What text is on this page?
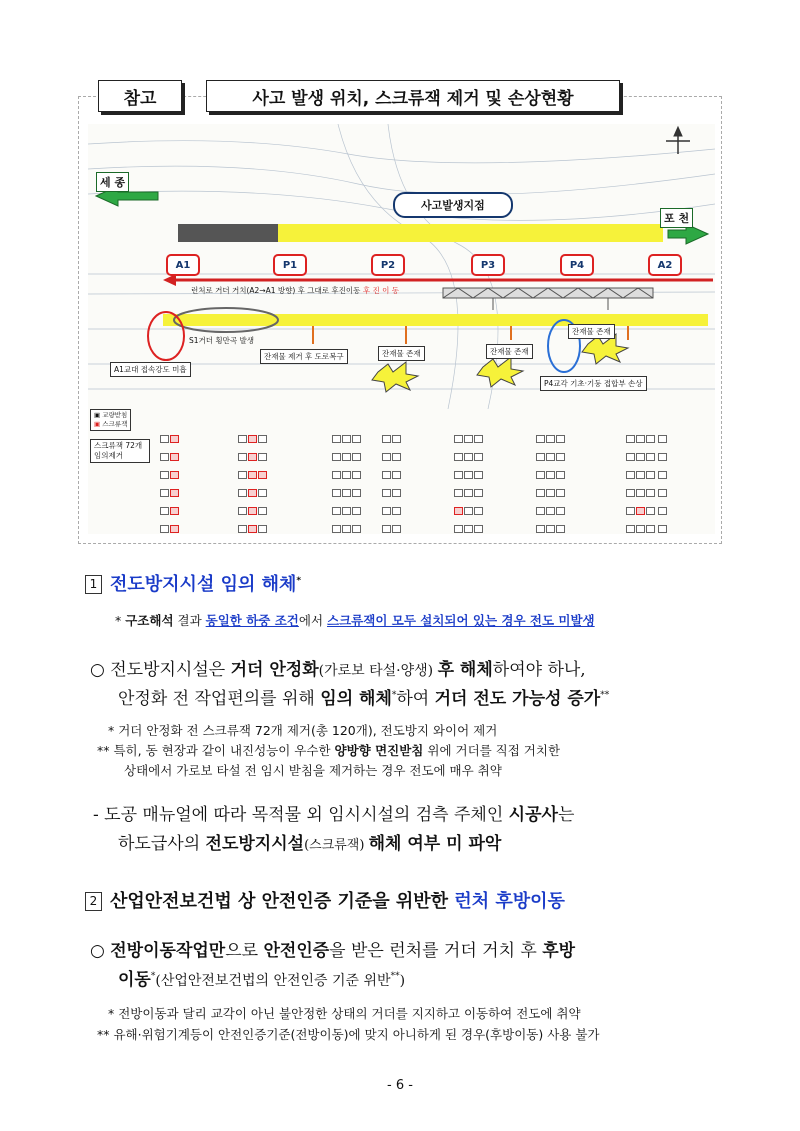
참고	사고 발생 위치, 스크류잭 제거 및 손상현황
세 종
포 천
사고발생지점
A1	P1	P2	P3	P4	A2
런처로 거더 거치(A2→A1 방향) 후 그대로 후진이동 후 진 이 동
S1거더 횡만곡 발생
A1교대 접속강도 미흡
잔재물 제거 후 도로복구	잔재물 존재	잔재물 존재
잔재물 존재
P4교각 기초·기둥 접합부 손상
▣ 교량받침
▣ 스크류잭
스크류잭 72개 임의제거
1 전도방지시설 임의 해체*
* 구조해석 결과 동일한 하중 조건에서 스크류잭이 모두 설치되어 있는 경우 전도 미발생
○ 전도방지시설은 거더 안정화(가로보 타설·양생) 후 해체하여야 하나,
안정화 전 작업편의를 위해 임의 해체*하여 거더 전도 가능성 증가**
* 거더 안정화 전 스크류잭 72개 제거(총 120개), 전도방지 와이어 제거
** 특히, 동 현장과 같이 내진성능이 우수한 양방향 면진받침 위에 거더를 직접 거치한
상태에서 가로보 타설 전 임시 받침을 제거하는 경우 전도에 매우 취약
- 도공 매뉴얼에 따라 목적물 외 임시시설의 검측 주체인 시공사는
하도급사의 전도방지시설(스크류잭) 해체 여부 미 파악
2 산업안전보건법 상 안전인증 기준을 위반한 런처 후방이동
○ 전방이동작업만으로 안전인증을 받은 런처를 거더 거치 후 후방
이동*(산업안전보건법의 안전인증 기준 위반**)
* 전방이동과 달리 교각이 아닌 불안정한 상태의 거더를 지지하고 이동하여 전도에 취약
** 유해·위험기계등이 안전인증기준(전방이동)에 맞지 아니하게 된 경우(후방이동) 사용 불가
- 6 -
